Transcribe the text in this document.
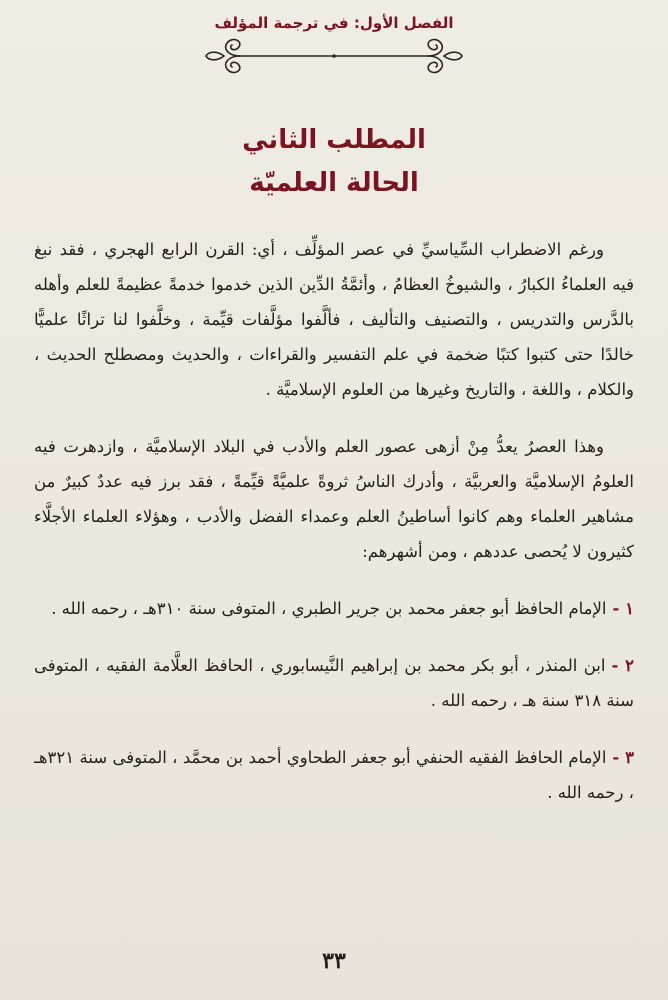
الفصل الأول: في ترجمة المؤلف
المطلب الثاني
الحالة العلميّة

ورغم الاضطراب السِّياسيِّ في عصر المؤلِّف ، أي: القرن الرابع الهجري ، فقد نبغ فيه العلماءُ الكبارُ ، والشيوخُ العظامُ ، وأئمَّةُ الدِّين الذين خدموا خدمةً عظيمةً للعلم وأهله بالدَّرس والتدريس ، والتصنيف والتأليف ، فألَّفوا مؤلَّفات قيِّمة ، وخلَّفوا لنا تراثًا علميًّا خالدًا حتى كتبوا كتبًا ضخمة في علم التفسير والقراءات ، والحديث ومصطلح الحديث ، والكلام ، واللغة ، والتاريخ وغيرها من العلوم الإسلاميَّة .

وهذا العصرُ يعدُّ مِنْ أزهى عصور العلم والأدب في البلاد الإسلاميَّة ، وازدهرت فيه العلومُ الإسلاميَّة والعربيَّة ، وأدرك الناسُ ثروةً علميَّةً قيِّمةً ، فقد برز فيه عددٌ كبيرٌ من مشاهير العلماء وهم كانوا أساطينُ العلم وعمداء الفضل والأدب ، وهؤلاء العلماء الأجلَّاء كثيرون لا يُحصى عددهم ، ومن أشهرهم:

١ -الإمام الحافظ أبو جعفر محمد بن جرير الطبري ، المتوفى سنة ٣١٠هـ ، رحمه الله .

٢ -ابن المنذر ، أبو بكر محمد بن إبراهيم النَّيسابوري ، الحافظ العلَّامة الفقيه ، المتوفى سنة ٣١٨ سنة هـ ، رحمه الله .

٣ -الإمام الحافظ الفقيه الحنفي أبو جعفر الطحاوي أحمد بن محمَّد ، المتوفى سنة ٣٢١هـ ، رحمه الله .

٣٣
